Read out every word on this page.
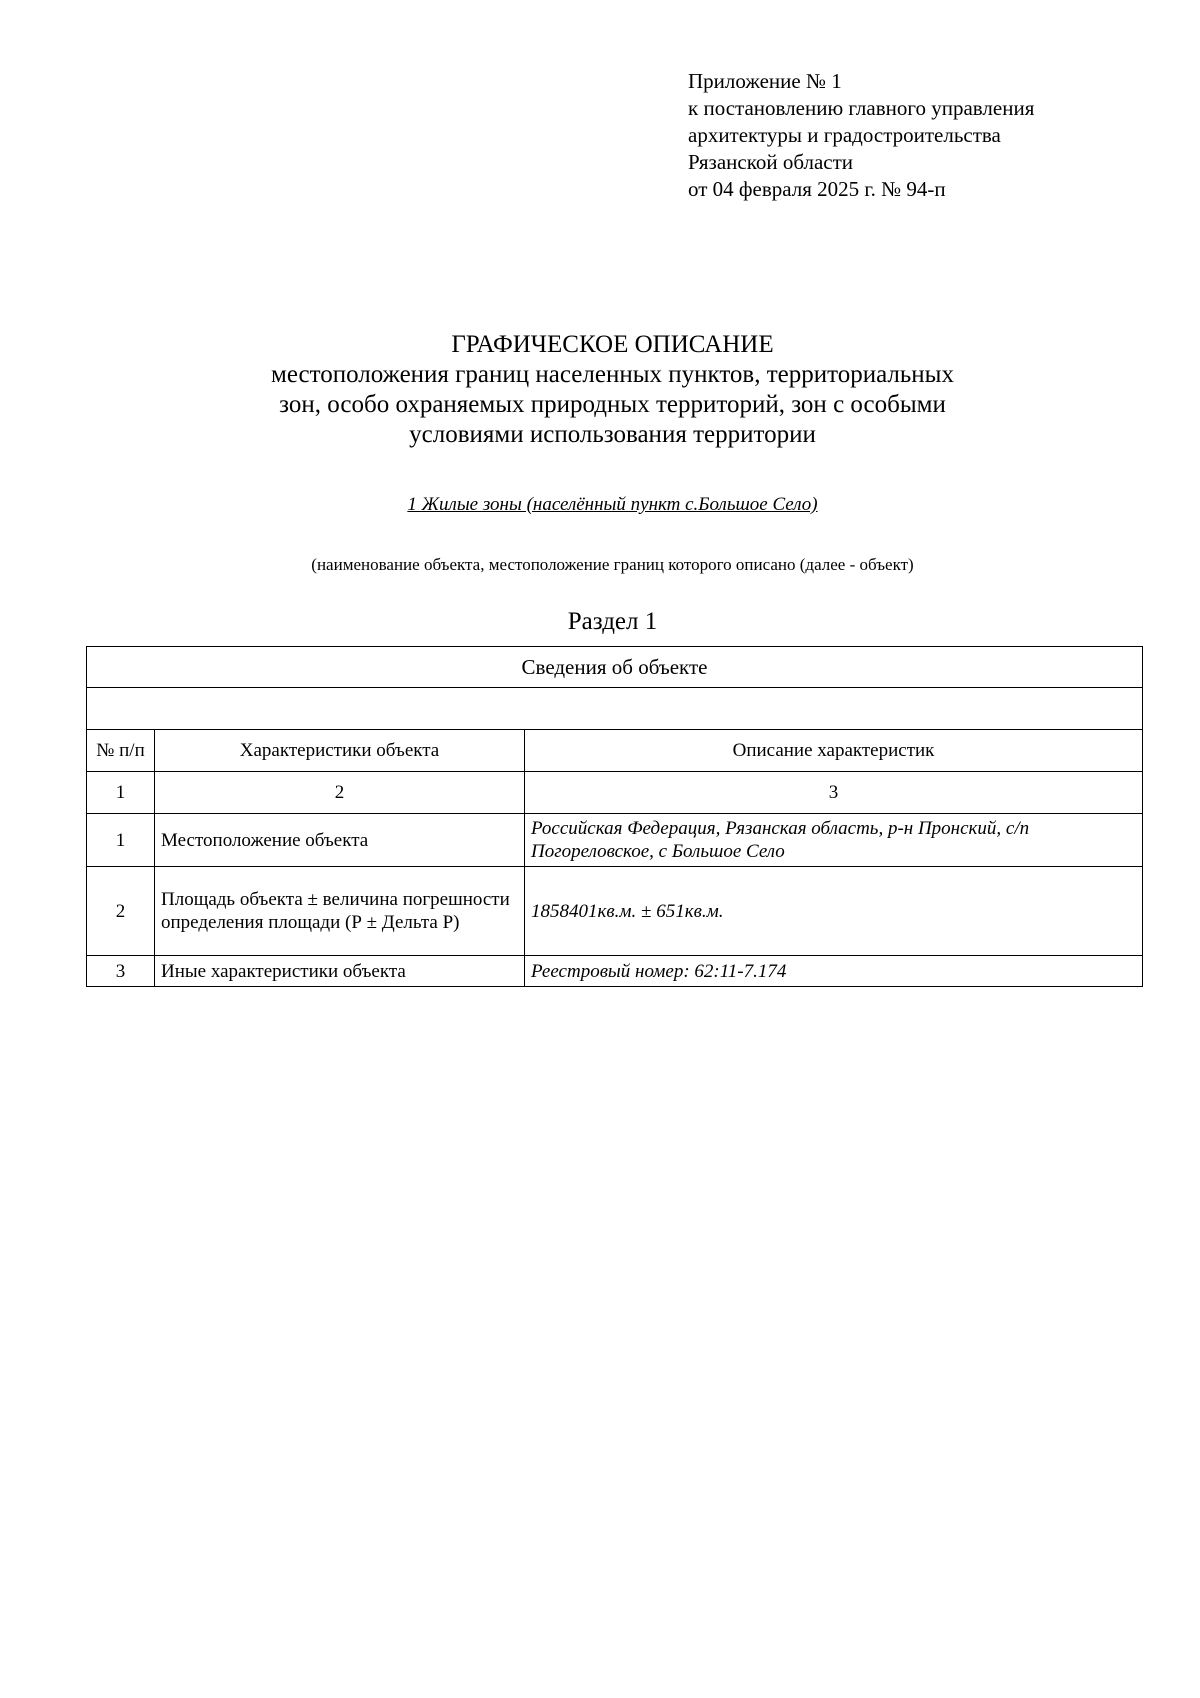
Приложение № 1
к постановлению главного управления
архитектуры и градостроительства
Рязанской области
от 04 февраля 2025 г. № 94-п
ГРАФИЧЕСКОЕ ОПИСАНИЕ
местоположения границ населенных пунктов, территориальных
зон, особо охраняемых природных территорий, зон с особыми
условиями использования территории
1 Жилые зоны (населённый пункт с.Большое Село)
(наименование объекта, местоположение границ которого описано (далее - объект)
Раздел 1
Сведения об объекте		

№ п/п	Характеристики объекта	Описание характеристик
1	2	3
1	Местоположение объекта	Российская Федерация, Рязанская область, р-н Пронский, с/п Погореловское, с Большое Село
2	Площадь объекта ± величина погрешности определения площади (Р ± Дельта Р)	1858401кв.м. ± 651кв.м.
3	Иные характеристики объекта	Реестровый номер: 62:11-7.174
